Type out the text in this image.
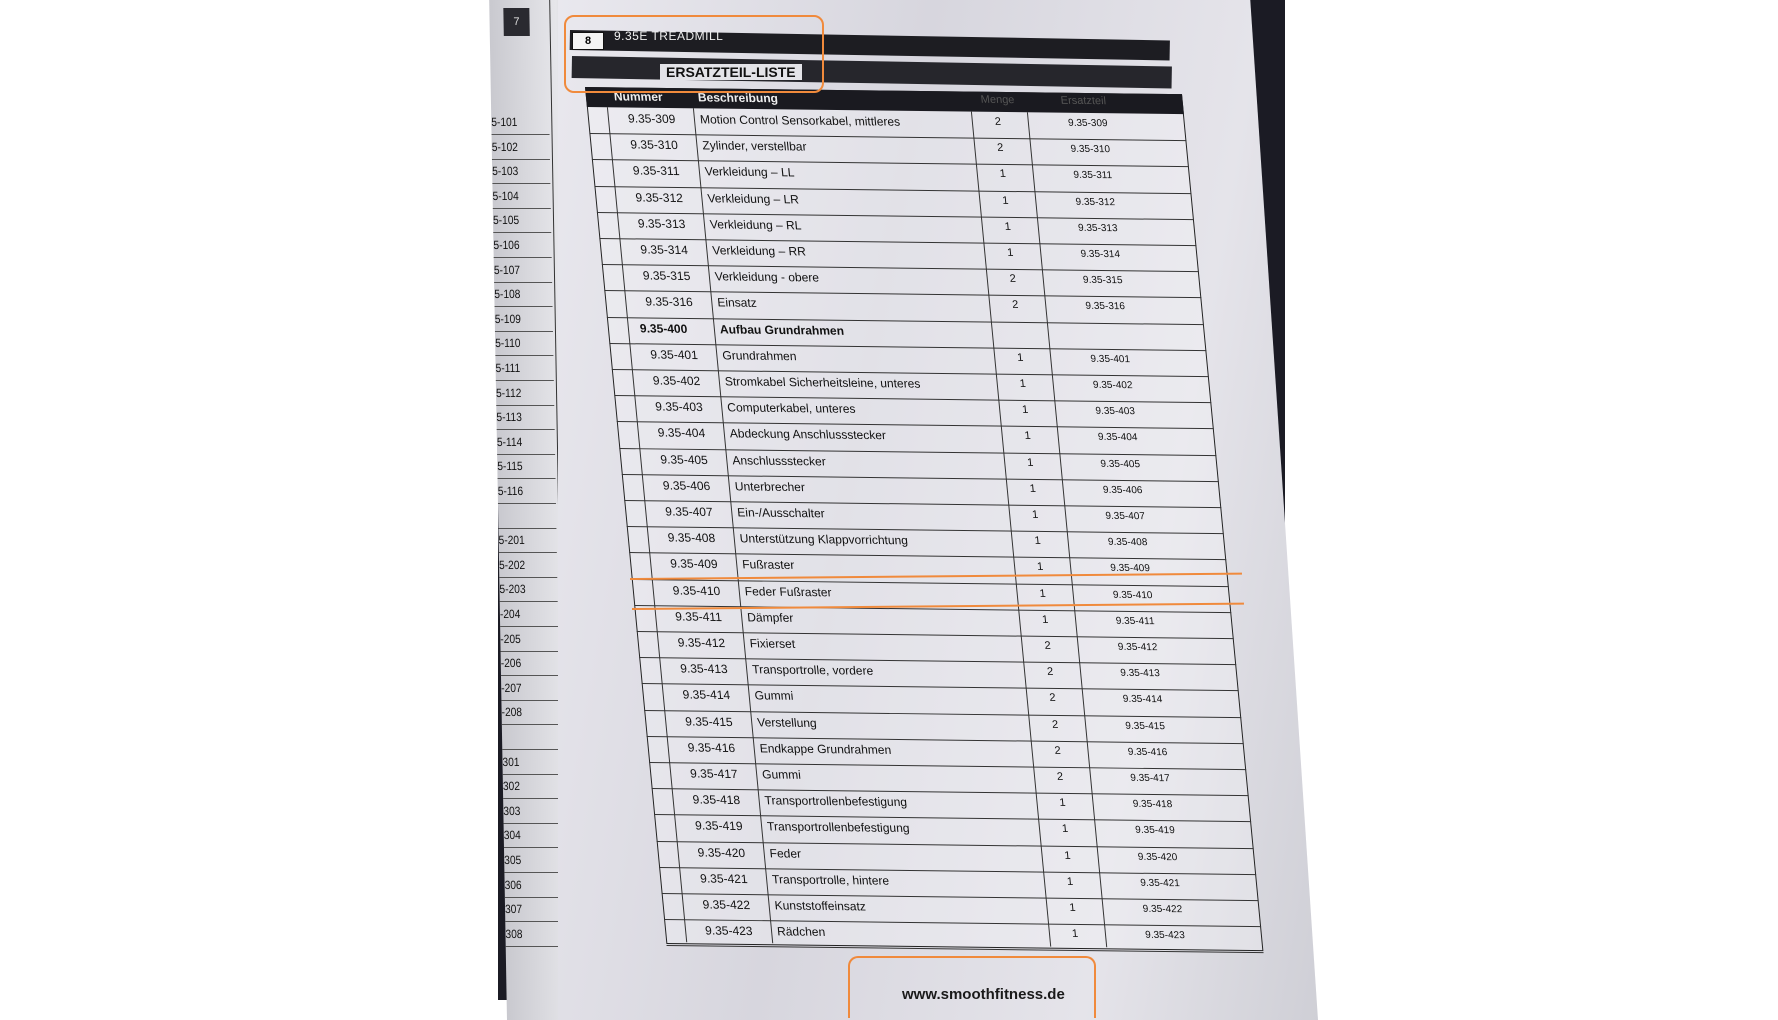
7
5-101
5-102
5-103
5-104
5-105
5-106
5-107
5-108
5-109
5-110
5-111
5-112
5-113
5-114
5-115
5-116
5-201
5-202
5-203
-204
-205
-206
-207
-208
301
302
303
304
305
306
307
308
8	9.35E TREADMILL
ERSATZTEIL-LISTE
Nummer	Beschreibung	Menge	Ersatzteil
9.35-309 Motion Control Sensorkabel, mittleres	2	9.35-309
9.35-310 Zylinder, verstellbar	2	9.35-310
9.35-311 Verkleidung – LL	1	9.35-311
9.35-312 Verkleidung – LR	1	9.35-312
9.35-313 Verkleidung – RL	1	9.35-313
9.35-314 Verkleidung – RR	1	9.35-314
9.35-315 Verkleidung - obere	2	9.35-315
9.35-316 Einsatz	2	9.35-316
9.35-400	Aufbau Grundrahmen
9.35-401 Grundrahmen	1	9.35-401
9.35-402 Stromkabel Sicherheitsleine, unteres	1	9.35-402
9.35-403 Computerkabel, unteres	1	9.35-403
9.35-404 Abdeckung Anschlussstecker	1	9.35-404
9.35-405 Anschlussstecker	1	9.35-405
9.35-406 Unterbrecher	1	9.35-406
9.35-407 Ein-/Ausschalter	1	9.35-407
9.35-408 Unterstützung Klappvorrichtung	1	9.35-408
9.35-409 Fußraster	1	9.35-409
9.35-410 Feder Fußraster	1	9.35-410
9.35-411 Dämpfer	1	9.35-411
9.35-412 Fixierset	2	9.35-412
9.35-413 Transportrolle, vordere	2	9.35-413
9.35-414 Gummi	2	9.35-414
9.35-415 Verstellung	2	9.35-415
9.35-416 Endkappe Grundrahmen	2	9.35-416
9.35-417 Gummi	2	9.35-417
9.35-418 Transportrollenbefestigung	1	9.35-418
9.35-419 Transportrollenbefestigung	1	9.35-419
9.35-420 Feder	1	9.35-420
9.35-421 Transportrolle, hintere	1	9.35-421
9.35-422 Kunststoffeinsatz	1	9.35-422
9.35-423 Rädchen	1	9.35-423
www.smoothfitness.de
